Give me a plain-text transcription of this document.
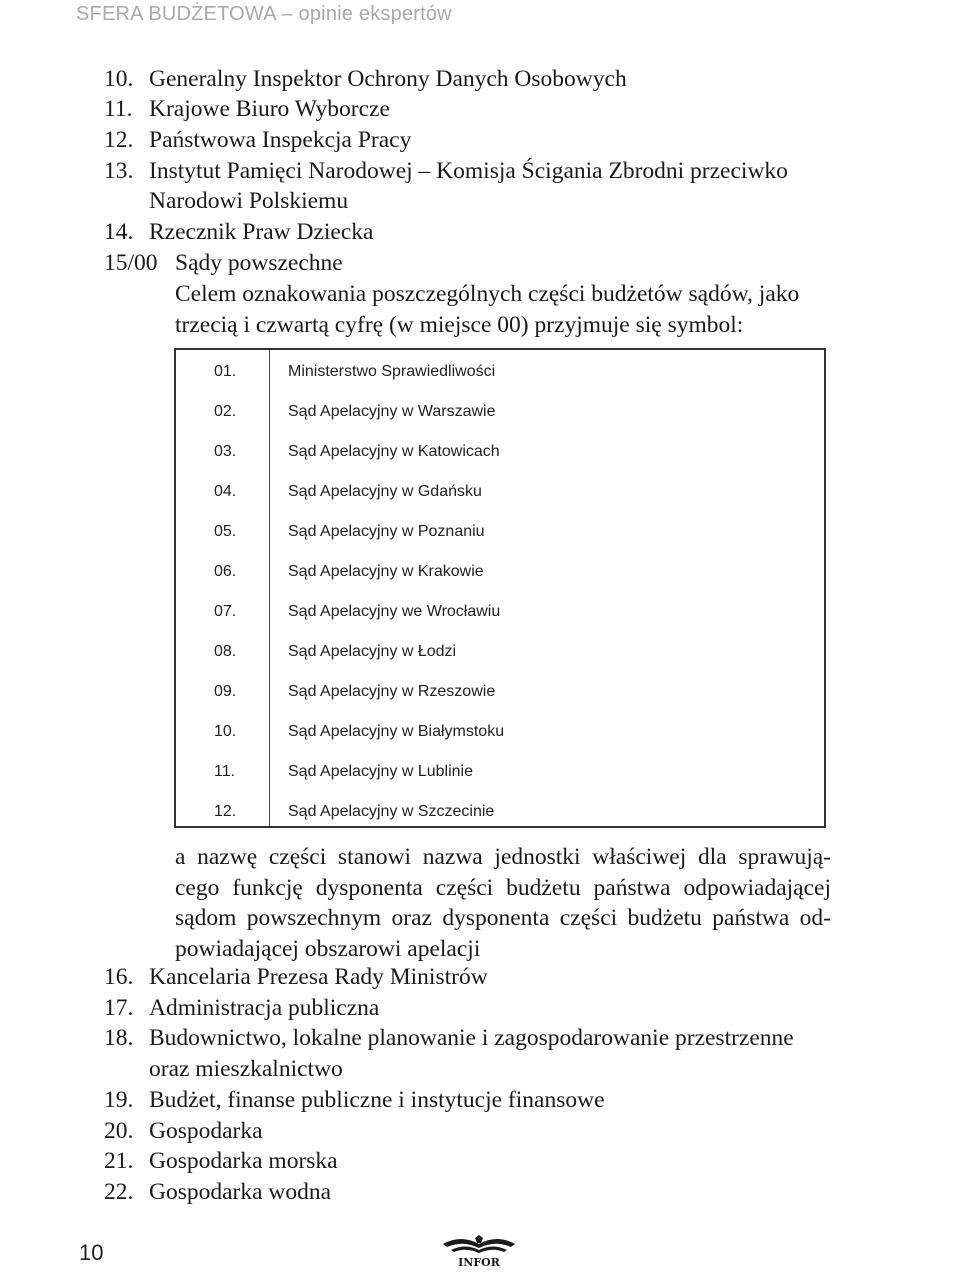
SFERA BUDŻETOWA – opinie ekspertów
10. Generalny Inspektor Ochrony Danych Osobowych
11. Krajowe Biuro Wyborcze
12. Państwowa Inspekcja Pracy
13. Instytut Pamięci Narodowej – Komisja Ścigania Zbrodni przeciwko
Narodowi Polskiemu
14. Rzecznik Praw Dziecka
15/00 Sądy powszechne
Celem oznakowania poszczególnych części budżetów sądów, jako
trzecią i czwartą cyfrę (w miejsce 00) przyjmuje się symbol:
01.	Ministerstwo Sprawiedliwości
02.	Sąd Apelacyjny w Warszawie
03.	Sąd Apelacyjny w Katowicach
04.	Sąd Apelacyjny w Gdańsku
05.	Sąd Apelacyjny w Poznaniu
06.	Sąd Apelacyjny w Krakowie
07.	Sąd Apelacyjny we Wrocławiu
08.	Sąd Apelacyjny w Łodzi
09.	Sąd Apelacyjny w Rzeszowie
10.	Sąd Apelacyjny w Białymstoku
11.	Sąd Apelacyjny w Lublinie
12.	Sąd Apelacyjny w Szczecinie
a nazwę części stanowi nazwa jednostki właściwej dla sprawują-
cego funkcję dysponenta części budżetu państwa odpowiadającej
sądom powszechnym oraz dysponenta części budżetu państwa od-
powiadającej obszarowi apelacji
16. Kancelaria Prezesa Rady Ministrów
17. Administracja publiczna
18. Budownictwo, lokalne planowanie i zagospodarowanie przestrzenne
oraz mieszkalnictwo
19. Budżet, finanse publiczne i instytucje finansowe
20. Gospodarka
21. Gospodarka morska
22. Gospodarka wodna
10	INFOR
